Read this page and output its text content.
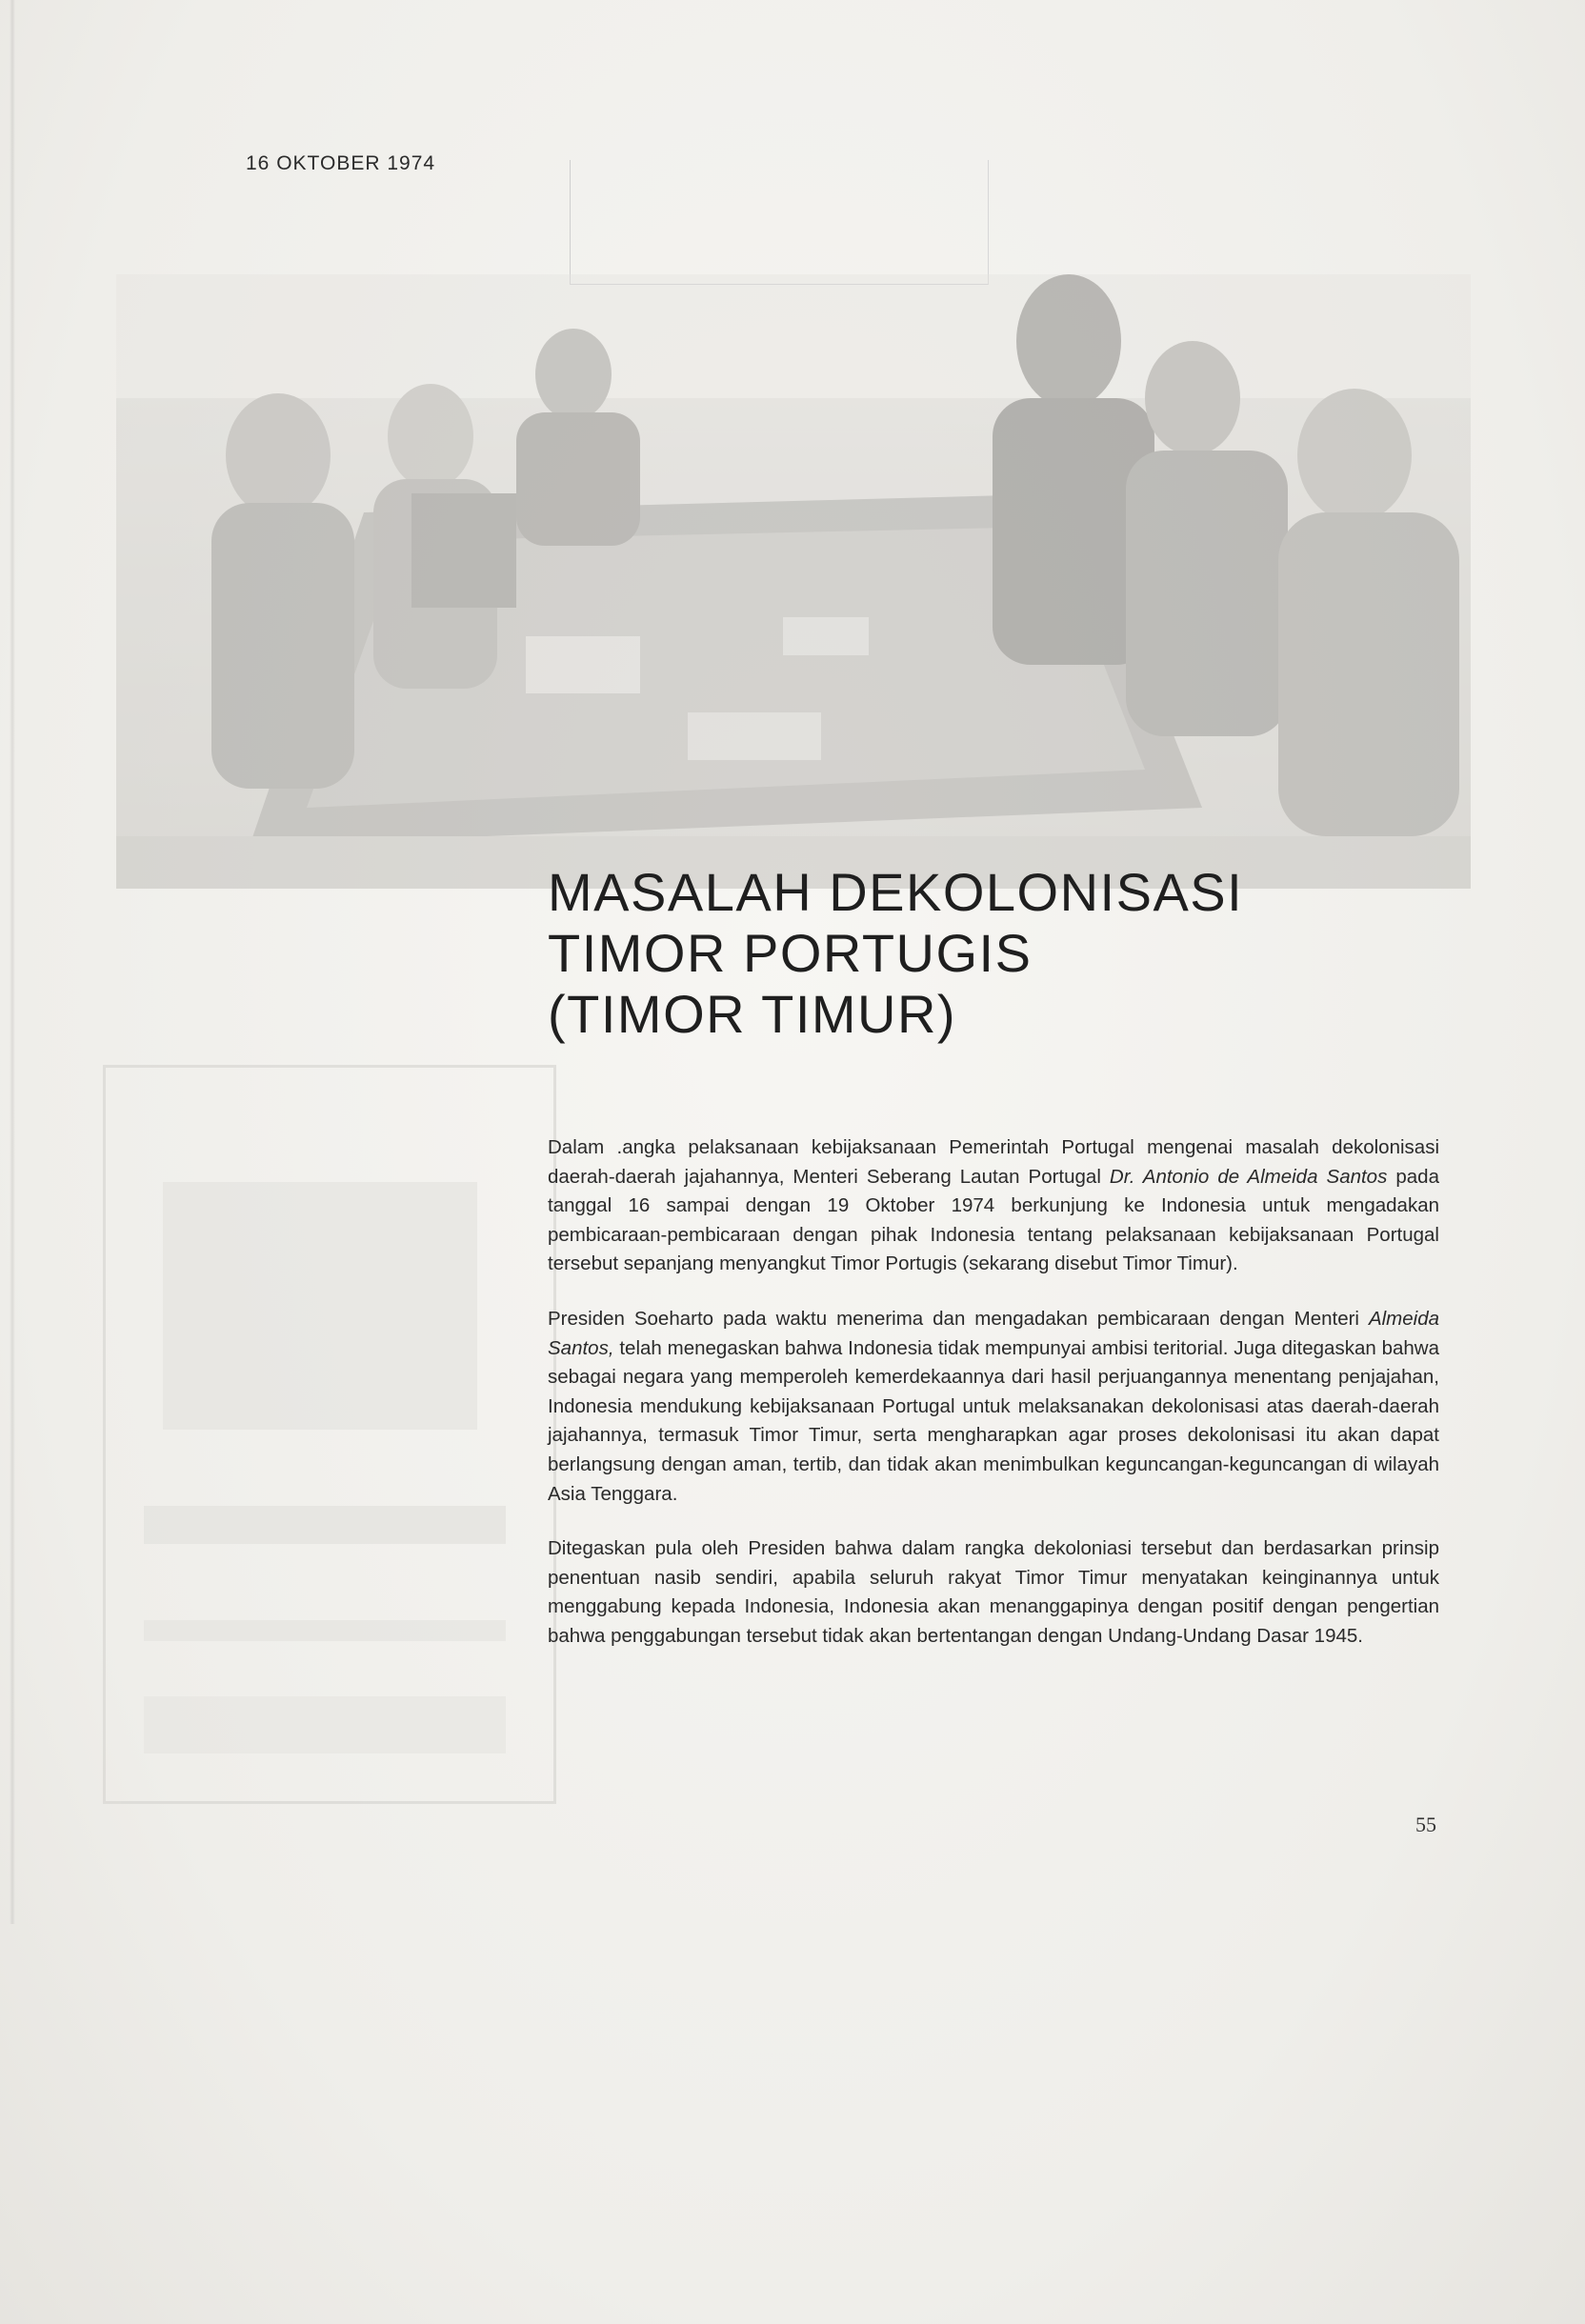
16 OKTOBER 1974
MASALAH DEKOLONISASI
TIMOR PORTUGIS
(TIMOR TIMUR)

Dalam .angka pelaksanaan kebijaksanaan Pemerintah Portugal mengenai masalah dekolonisasi daerah-daerah jajahannya, Menteri Seberang Lautan Portugal Dr. Antonio de Almeida Santos pada tanggal 16 sampai dengan 19 Oktober 1974 berkunjung ke Indonesia untuk mengadakan pembicaraan-pembicaraan dengan pihak Indonesia tentang pelaksanaan kebijaksanaan Portugal tersebut sepanjang menyangkut Timor Portugis (sekarang disebut Timor Timur).

Presiden Soeharto pada waktu menerima dan mengadakan pembicaraan dengan Menteri Almeida Santos, telah menegaskan bahwa Indonesia tidak mempunyai ambisi teritorial. Juga ditegaskan bahwa sebagai negara yang memperoleh kemerdekaannya dari hasil perjuangannya menentang penjajahan, Indonesia mendukung kebijaksanaan Portugal untuk melaksanakan dekolonisasi atas daerah-daerah jajahannya, termasuk Timor Timur, serta mengharapkan agar proses dekolonisasi itu akan dapat berlangsung dengan aman, tertib, dan tidak akan menimbulkan keguncangan-keguncangan di wilayah Asia Tenggara.

Ditegaskan pula oleh Presiden bahwa dalam rangka dekoloniasi tersebut dan berdasarkan prinsip penentuan nasib sendiri, apabila seluruh rakyat Timor Timur menyatakan keinginannya untuk menggabung kepada Indonesia, Indonesia akan menanggapinya dengan positif dengan pengertian bahwa penggabungan tersebut tidak akan bertentangan dengan Undang-Undang Dasar 1945.

55
